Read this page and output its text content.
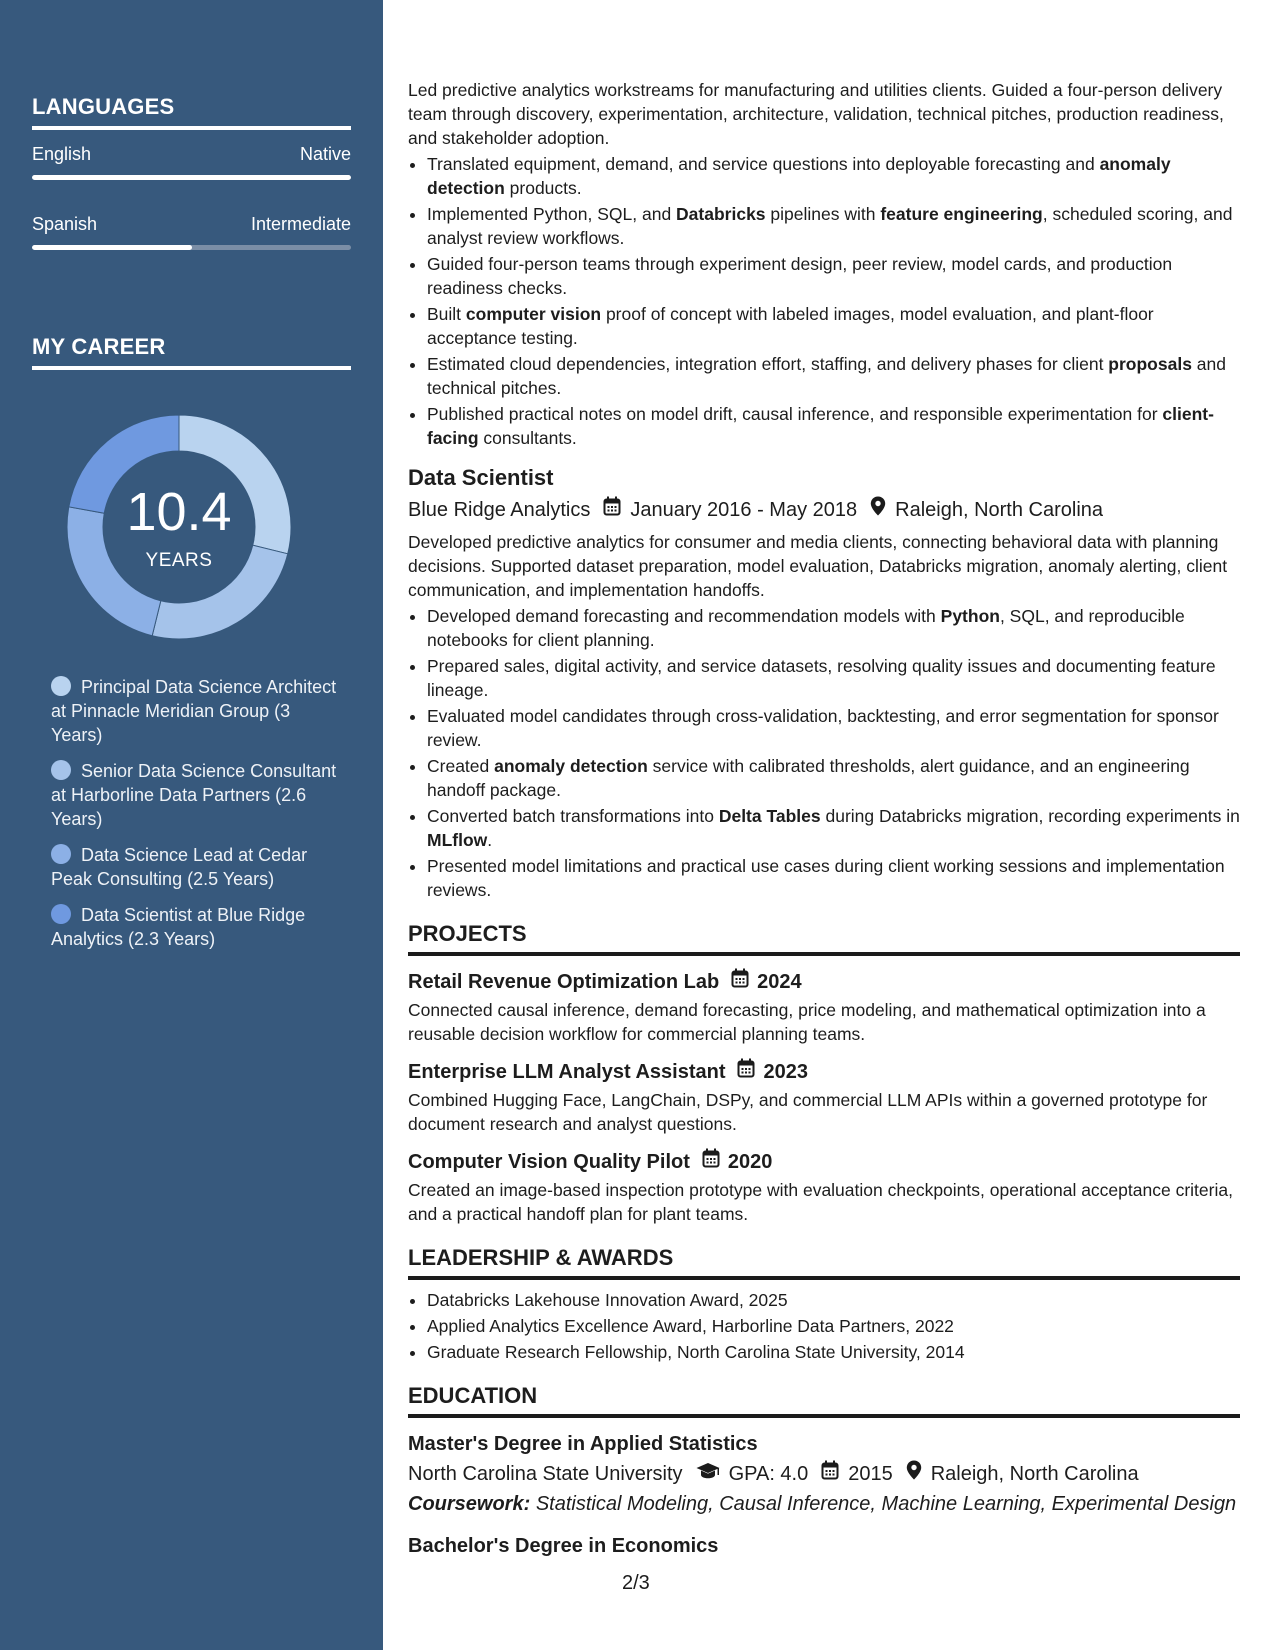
LANGUAGES
English	Native
Spanish	Intermediate
MY CAREER
10.4
YEARS
Principal Data Science Architect at Pinnacle Meridian Group (3 Years)
Senior Data Science Consultant at Harborline Data Partners (2.6 Years)
Data Science Lead at Cedar Peak Consulting (2.5 Years)
Data Scientist at Blue Ridge Analytics (2.3 Years)

Led predictive analytics workstreams for manufacturing and utilities clients. Guided a four-person delivery team through discovery, experimentation, architecture, validation, technical pitches, production readiness, and stakeholder adoption.

• Translated equipment, demand, and service questions into deployable forecasting and anomaly detection products.
• Implemented Python, SQL, and Databricks pipelines with feature engineering, scheduled scoring, and analyst review workflows.
• Guided four-person teams through experiment design, peer review, model cards, and production readiness checks.
• Built computer vision proof of concept with labeled images, model evaluation, and plant-floor acceptance testing.
• Estimated cloud dependencies, integration effort, staffing, and delivery phases for client proposals and technical pitches.
• Published practical notes on model drift, causal inference, and responsible experimentation for client-facing consultants.
Data Scientist
Blue Ridge Analytics January 2016 - May 2018 Raleigh, North Carolina

Developed predictive analytics for consumer and media clients, connecting behavioral data with planning decisions. Supported dataset preparation, model evaluation, Databricks migration, anomaly alerting, client communication, and implementation handoffs.

• Developed demand forecasting and recommendation models with Python, SQL, and reproducible notebooks for client planning.
• Prepared sales, digital activity, and service datasets, resolving quality issues and documenting feature lineage.
• Evaluated model candidates through cross-validation, backtesting, and error segmentation for sponsor review.
• Created anomaly detection service with calibrated thresholds, alert guidance, and an engineering handoff package.
• Converted batch transformations into Delta Tables during Databricks migration, recording experiments in MLflow.
• Presented model limitations and practical use cases during client working sessions and implementation reviews.
PROJECTS
Retail Revenue Optimization Lab 2024

Connected causal inference, demand forecasting, price modeling, and mathematical optimization into a reusable decision workflow for commercial planning teams.

Enterprise LLM Analyst Assistant 2023

Combined Hugging Face, LangChain, DSPy, and commercial LLM APIs within a governed prototype for document research and analyst questions.

Computer Vision Quality Pilot 2020

Created an image-based inspection prototype with evaluation checkpoints, operational acceptance criteria, and a practical handoff plan for plant teams.

LEADERSHIP & AWARDS
• Databricks Lakehouse Innovation Award, 2025
• Applied Analytics Excellence Award, Harborline Data Partners, 2022
• Graduate Research Fellowship, North Carolina State University, 2014
EDUCATION
Master's Degree in Applied Statistics
North Carolina State University GPA: 4.0 2015 Raleigh, North Carolina
Coursework: Statistical Modeling, Causal Inference, Machine Learning, Experimental Design
Bachelor's Degree in Economics
2/3
